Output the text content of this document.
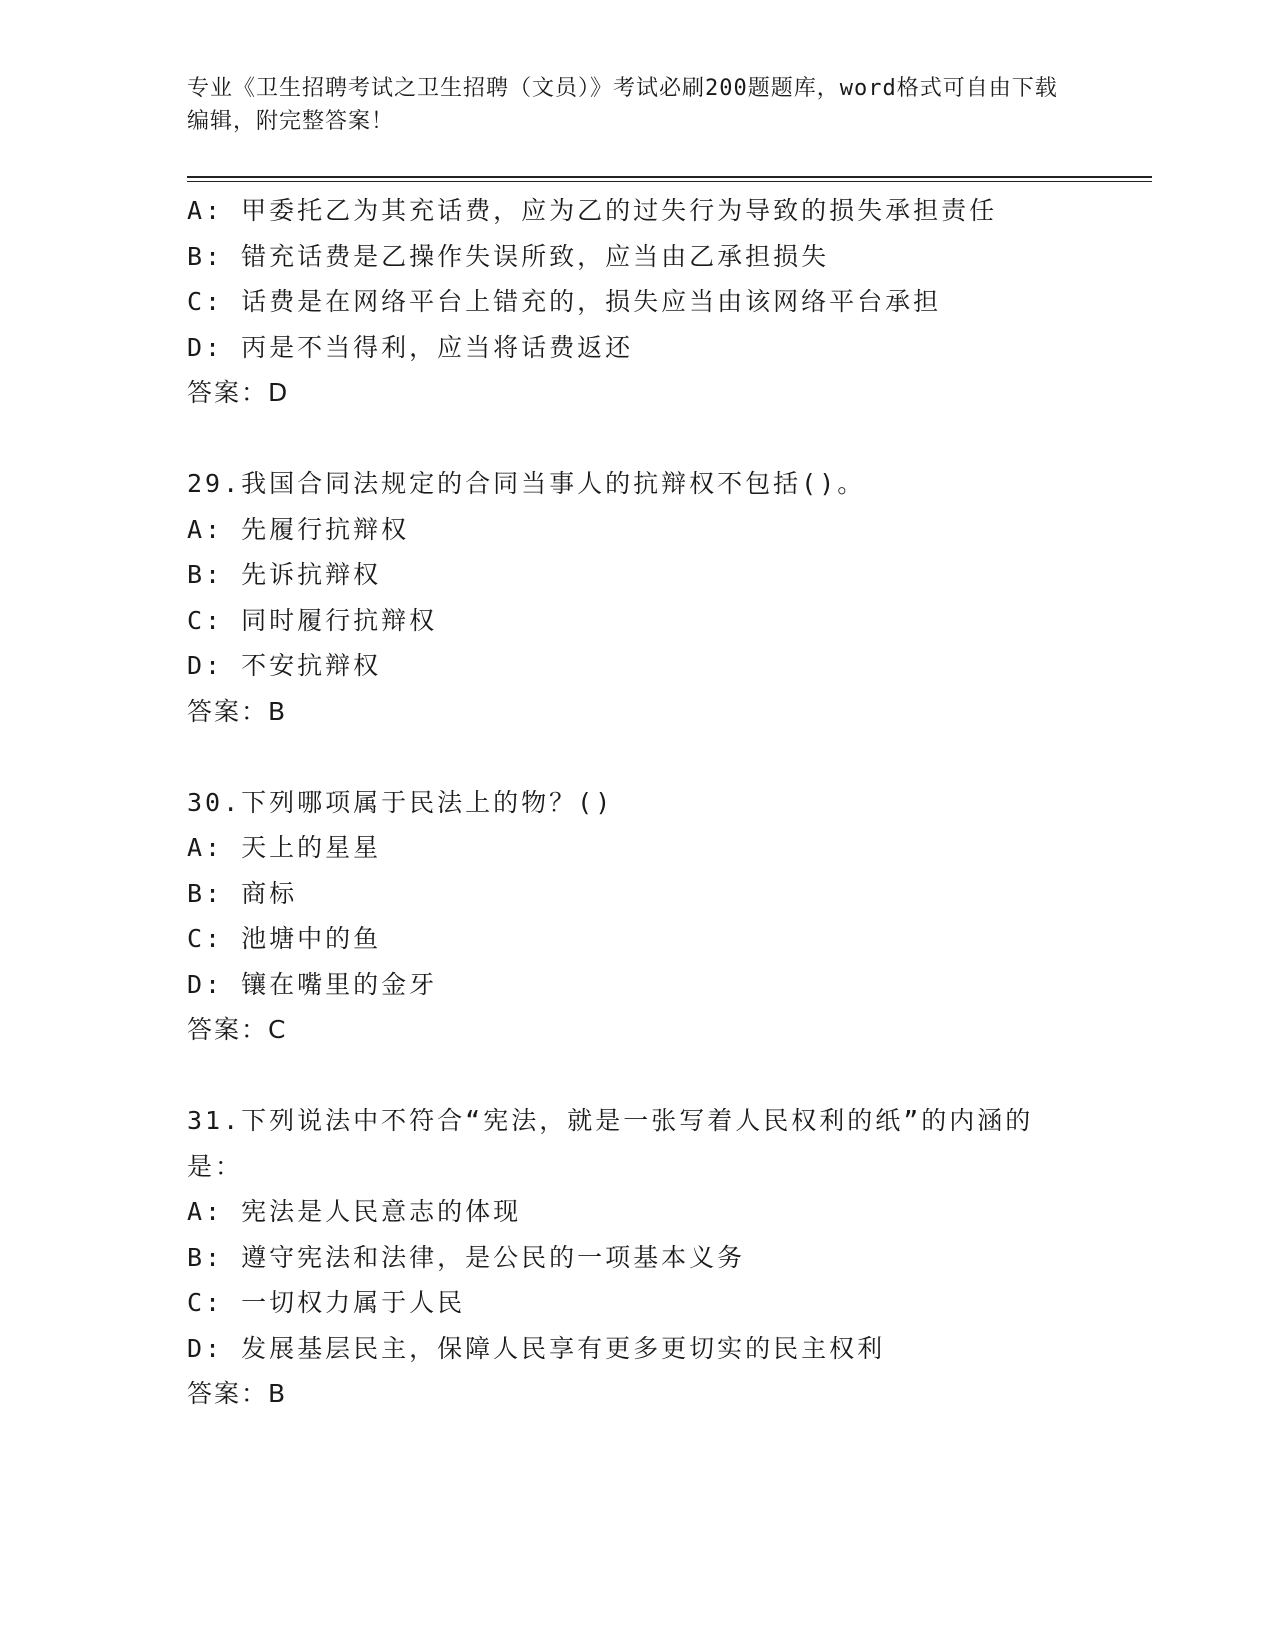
专业《卫生招聘考试之卫生招聘（文员）》考试必刷200题题库，word格式可自由下载编辑，附完整答案！
A: 甲委托乙为其充话费，应为乙的过失行为导致的损失承担责任
B: 错充话费是乙操作失误所致，应当由乙承担损失
C: 话费是在网络平台上错充的，损失应当由该网络平台承担
D: 丙是不当得利，应当将话费返还
答案：D
29.我国合同法规定的合同当事人的抗辩权不包括()。
A: 先履行抗辩权
B: 先诉抗辩权
C: 同时履行抗辩权
D: 不安抗辩权
答案：B
30.下列哪项属于民法上的物？()
A: 天上的星星
B: 商标
C: 池塘中的鱼
D: 镶在嘴里的金牙
答案：C
31.下列说法中不符合“宪法，就是一张写着人民权利的纸”的内涵的是：
A: 宪法是人民意志的体现
B: 遵守宪法和法律，是公民的一项基本义务
C: 一切权力属于人民
D: 发展基层民主，保障人民享有更多更切实的民主权利
答案：B
